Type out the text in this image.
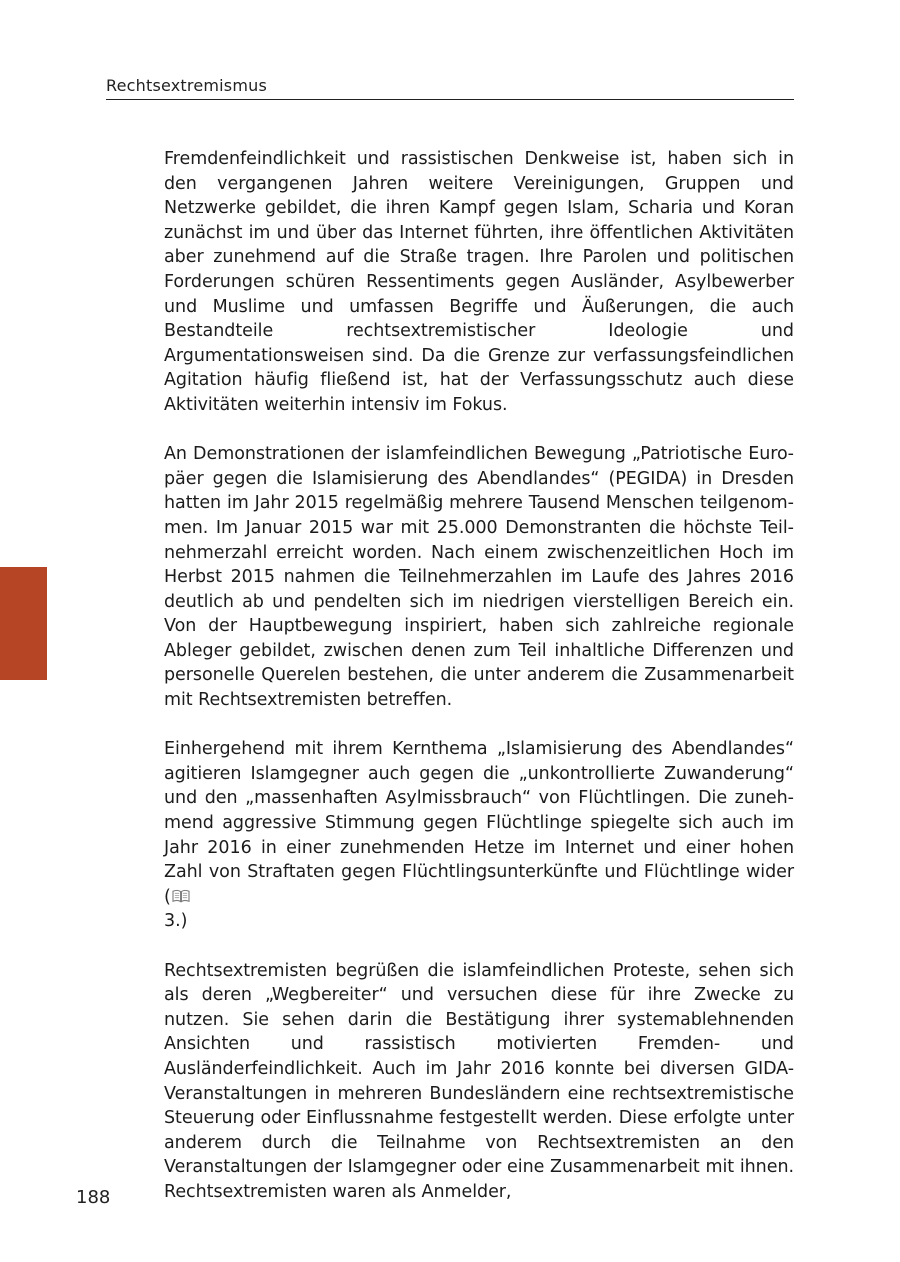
Rechtsextremismus

Fremdenfeindlichkeit und rassistischen Denkweise ist, haben sich in den vergangenen Jahren weitere Vereinigungen, Gruppen und Netzwerke gebildet, die ihren Kampf gegen Islam, Scharia und Koran zunächst im und über das Internet führten, ihre öffentlichen Aktivitäten aber zunehmend auf die Straße tragen. Ihre Parolen und politischen Forderungen schüren Ressentiments gegen Ausländer, Asylbewerber und Muslime und umfassen Begriffe und Äußerungen, die auch Bestandteile rechtsextremistischer Ideologie und Argumentationsweisen sind. Da die Grenze zur verfassungsfeindlichen Agitation häufig fließend ist, hat der Verfassungsschutz auch diese Aktivitäten weiterhin intensiv im Fokus.

An Demonstrationen der islamfeindlichen Bewegung „Patriotische Europäer gegen die Islamisierung des Abendlandes“ (PEGIDA) in Dresden hatten im Jahr 2015 regelmäßig mehrere Tausend Menschen teilgenommen. Im Januar 2015 war mit 25.000 Demonstranten die höchste Teilnehmerzahl erreicht worden. Nach einem zwischenzeitlichen Hoch im Herbst 2015 nahmen die Teilnehmerzahlen im Laufe des Jahres 2016 deutlich ab und pendelten sich im niedrigen vierstelligen Bereich ein. Von der Hauptbewegung inspiriert, haben sich zahlreiche regionale Ableger gebildet, zwischen denen zum Teil inhaltliche Differenzen und personelle Querelen bestehen, die unter anderem die Zusammenarbeit mit Rechtsextremisten betreffen.

Einhergehend mit ihrem Kernthema „Islamisierung des Abendlandes“ agitieren Islamgegner auch gegen die „unkontrollierte Zuwanderung“ und den „massenhaften Asylmissbrauch“ von Flüchtlingen. Die zunehmend aggressive Stimmung gegen Flüchtlinge spiegelte sich auch im Jahr 2016 in einer zunehmenden Hetze im Internet und einer hohen Zahl von Straftaten gegen Flüchtlingsunterkünfte und Flüchtlinge wider (
3.)

Rechtsextremisten begrüßen die islamfeindlichen Proteste, sehen sich als deren „Wegbereiter“ und versuchen diese für ihre Zwecke zu nutzen. Sie sehen darin die Bestätigung ihrer systemablehnenden Ansichten und rassistisch motivierten Fremden- und Ausländerfeindlichkeit. Auch im Jahr 2016 konnte bei diversen GIDA-Veranstaltungen in mehreren Bundesländern eine rechtsextremistische Steuerung oder Einflussnahme festgestellt werden. Diese erfolgte unter anderem durch die Teilnahme von Rechtsextremisten an den Veranstaltungen der Islamgegner oder eine Zusammenarbeit mit ihnen. Rechtsextremisten waren als Anmelder,

188
